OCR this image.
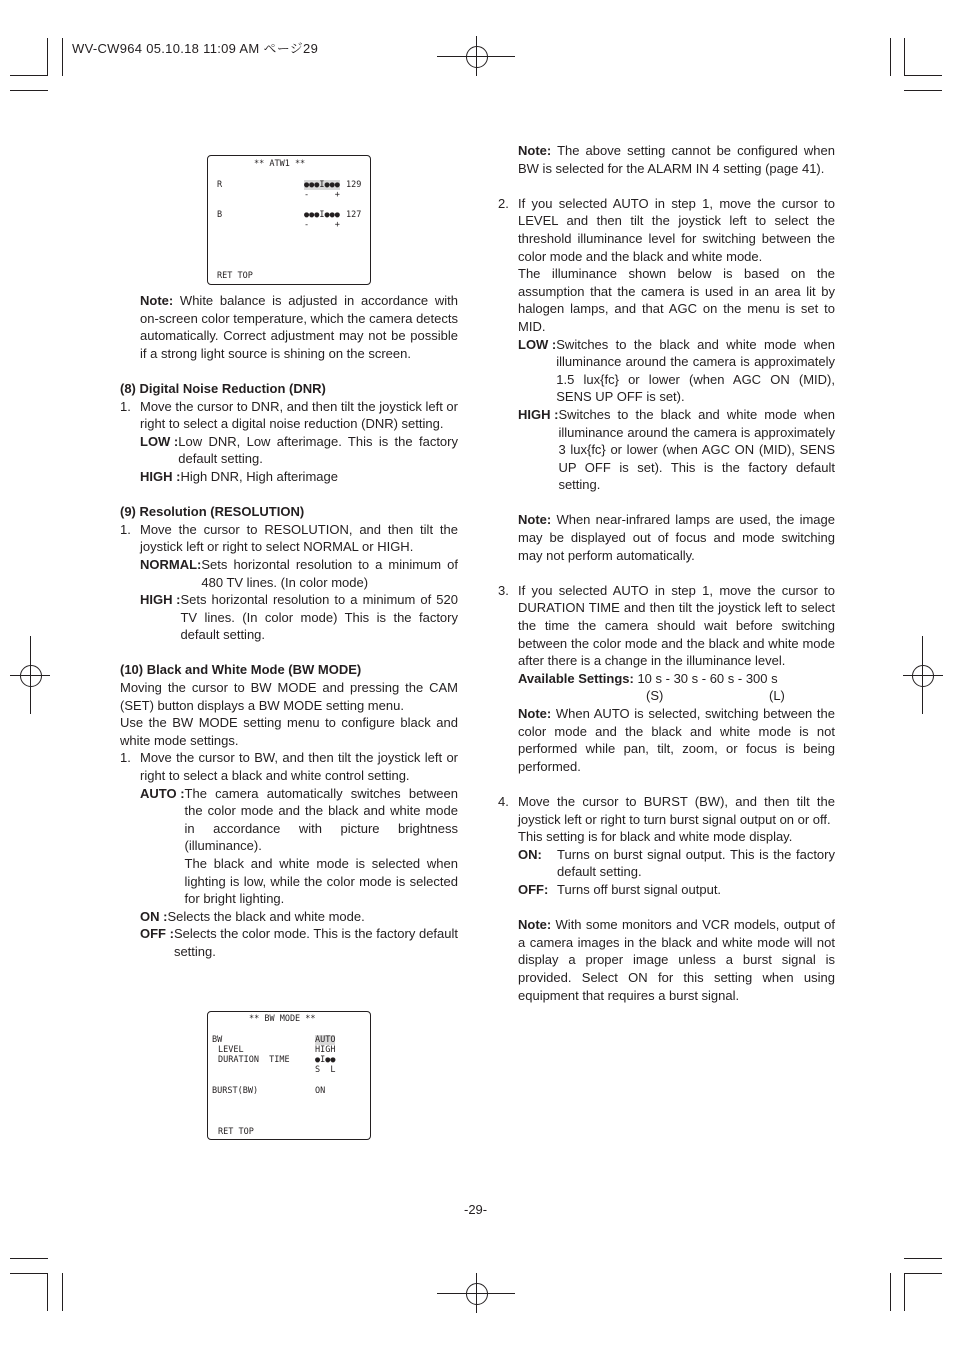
WV-CW964 05.10.18 11:09 AM ページ29
** ATW1 **
R	●●●I●●● 129
-     +
B	●●●I●●● 127
-     +
RET TOP

Note: White balance is adjusted in accordance with on-screen color temperature, which the camera detects automatically. Correct adjustment may not be possible if a strong light source is shining on the screen.

(8) Digital Noise Reduction (DNR)

1. Move the cursor to DNR, and then tilt the joystick left or right to select a digital noise reduction (DNR) setting.
LOW : Low DNR, Low afterimage. This is the factory default setting.
HIGH : High DNR, High afterimage

(9) Resolution (RESOLUTION)

1. Move the cursor to RESOLUTION, and then tilt the joystick left or right to select NORMAL or HIGH.
NORMAL: Sets horizontal resolution to a minimum of 480 TV lines. (In color mode)
HIGH : Sets horizontal resolution to a minimum of 520 TV lines. (In color mode) This is the factory default setting.

(10) Black and White Mode (BW MODE)

Moving the cursor to BW MODE and pressing the CAM (SET) button displays a BW MODE setting menu.

Use the BW MODE setting menu to configure black and white mode settings.

1. Move the cursor to BW, and then tilt the joystick left or right to select a black and white control setting.
AUTO : The camera automatically switches between the color mode and the black and white mode in accordance with picture brightness (illuminance).
The black and white mode is selected when lighting is low, while the color mode is selected for bright lighting.
ON : Selects the black and white mode.
OFF : Selects the color mode. This is the factory default setting.
** BW MODE **
BW	AUTO
LEVEL	HIGH
DURATION  TIME	●I●●
S  L
BURST(BW)	ON
RET TOP

Note: The above setting cannot be configured when BW is selected for the ALARM IN 4 setting (page 41).

2. If you selected AUTO in step 1, move the cursor to LEVEL and then tilt the joystick left to select the threshold illuminance level for switching between the color mode and the black and white mode.
The illuminance shown below is based on the assumption that the camera is used in an area lit by halogen lamps, and that AGC on the menu is set to MID.
LOW : Switches to the black and white mode when illuminance around the camera is approximately 1.5 lux{fc} or lower (when AGC ON (MID), SENS UP OFF is set).
HIGH : Switches to the black and white mode when illuminance around the camera is approximately 3 lux{fc} or lower (when AGC ON (MID), SENS UP OFF is set). This is the factory default setting.

Note: When near-infrared lamps are used, the image may be displayed out of focus and mode switching may not perform automatically.

3. If you selected AUTO in step 1, move the cursor to DURATION TIME and then tilt the joystick left to select the time the camera should wait before switching between the color mode and the black and white mode after there is a change in the illuminance level.

Available Settings: 10 s - 30 s - 60 s - 300 s

(S)	(L)

Note: When AUTO is selected, switching between the color mode and the black and white mode is not performed while pan, tilt, zoom, or focus is being performed.

4. Move the cursor to BURST (BW), and then tilt the joystick left or right to turn burst signal output on or off.
This setting is for black and white mode display.
ON:	Turns on burst signal output. This is the factory default setting.
OFF: Turns off burst signal output.

Note: With some monitors and VCR models, output of a camera images in the black and white mode will not display a proper image unless a burst signal is provided. Select ON for this setting when using equipment that requires a burst signal.

-29-
